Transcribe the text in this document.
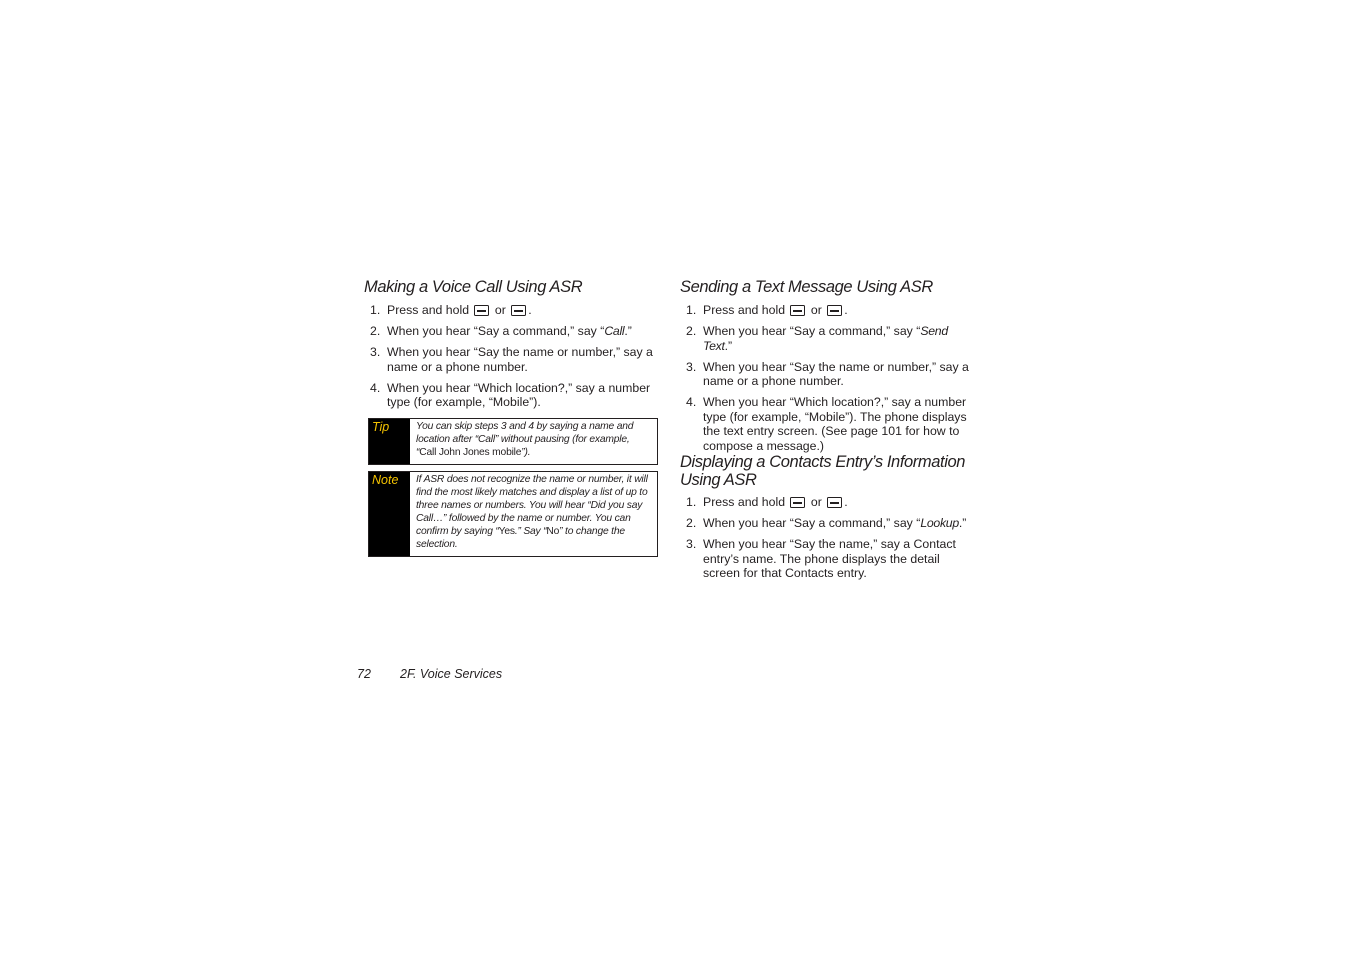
Making a Voice Call Using ASR
1. Press and hold or .
2. When you hear “Say a command,” say “Call.”
3. When you hear “Say the name or number,” say a name or a phone number.
4. When you hear “Which location?,” say a number type (for example, “Mobile”).
Tip	You can skip steps 3 and 4 by saying a name and location after “Call” without pausing (for example, “Call John Jones mobile”).
Note	If ASR does not recognize the name or number, it will find the most likely matches and display a list of up to three names or numbers. You will hear “Did you say Call…” followed by the name or number. You can confirm by saying “Yes.” Say “No” to change the selection.
Sending a Text Message Using ASR
1. Press and hold or .
2. When you hear “Say a command,” say “Send Text.”
3. When you hear “Say the name or number,” say a name or a phone number.
4. When you hear “Which location?,” say a number type (for example, “Mobile”). The phone displays the text entry screen. (See page 101 for how to compose a message.)
Displaying a Contacts Entry’s Information
Using ASR
1. Press and hold or .
2. When you hear “Say a command,” say “Lookup.”
3. When you hear “Say the name,” say a Contact entry’s name. The phone displays the detail screen for that Contacts entry.
72 2F. Voice Services
